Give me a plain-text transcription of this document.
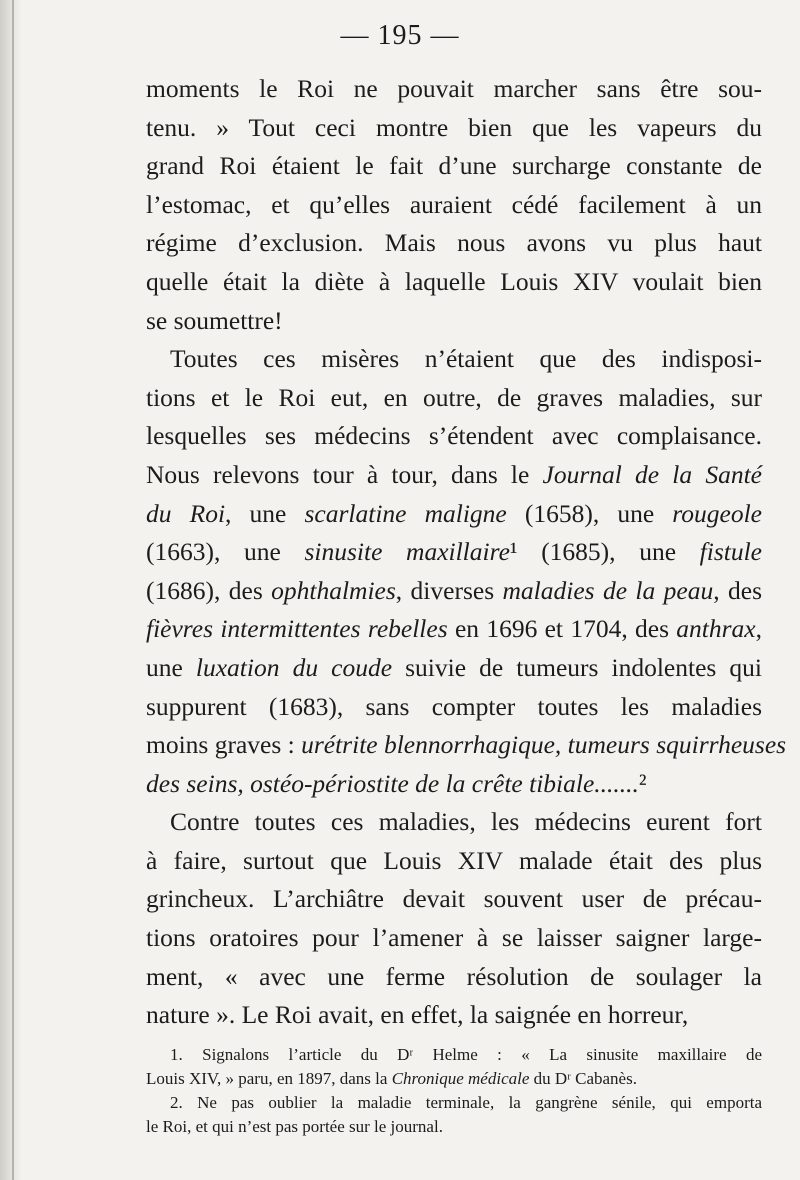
— 195 —
moments le Roi ne pouvait marcher sans être sou-
tenu. » Tout ceci montre bien que les vapeurs du
grand Roi étaient le fait d’une surcharge constante de
l’estomac, et qu’elles auraient cédé facilement à un
régime d’exclusion. Mais nous avons vu plus haut
quelle était la diète à laquelle Louis XIV voulait bien
se soumettre!
Toutes ces misères n’étaient que des indisposi-
tions et le Roi eut, en outre, de graves maladies, sur
lesquelles ses médecins s’étendent avec complaisance.
Nous relevons tour à tour, dans le Journal de la Santé
du Roi, une scarlatine maligne (1658), une rougeole
(1663), une sinusite maxillaire¹ (1685), une fistule
(1686), des ophthalmies, diverses maladies de la peau, des
fièvres intermittentes rebelles en 1696 et 1704, des anthrax,
une luxation du coude suivie de tumeurs indolentes qui
suppurent (1683), sans compter toutes les maladies
moins graves : urétrite blennorrhagique, tumeurs squirrheuses
des seins, ostéo-périostite de la crête tibiale.......²
Contre toutes ces maladies, les médecins eurent fort
à faire, surtout que Louis XIV malade était des plus
grincheux. L’archiâtre devait souvent user de précau-
tions oratoires pour l’amener à se laisser saigner large-
ment, « avec une ferme résolution de soulager la
nature ». Le Roi avait, en effet, la saignée en horreur,
1. Signalons l’article du Dʳ Helme : « La sinusite maxillaire de
Louis XIV, » paru, en 1897, dans la Chronique médicale du Dʳ Cabanès.
2. Ne pas oublier la maladie terminale, la gangrène sénile, qui emporta
le Roi, et qui n’est pas portée sur le journal.
